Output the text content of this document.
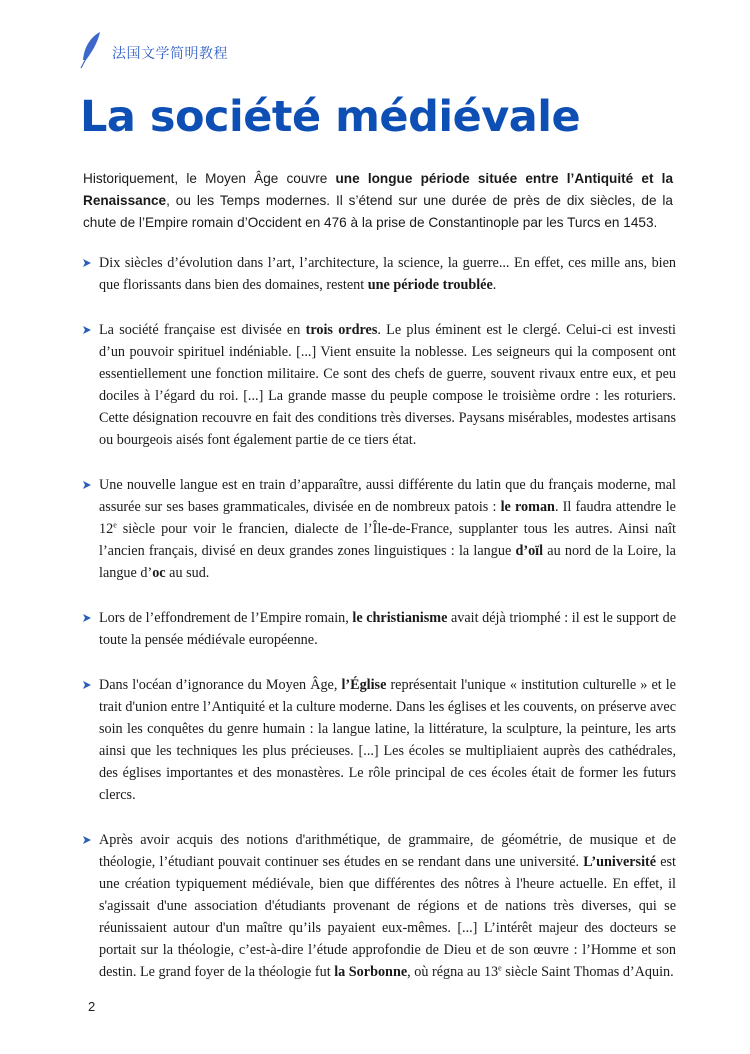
法国文学简明教程
La société médiévale

Historiquement, le Moyen Âge couvre une longue période située entre l’Antiquité et la Renaissance, ou les Temps modernes. Il s’étend sur une durée de près de dix siècles, de la chute de l’Empire romain d’Occident en 476 à la prise de Constantinople par les Turcs en 1453.

Dix siècles d’évolution dans l’art, l’architecture, la science, la guerre... En effet, ces mille ans, bien que florissants dans bien des domaines, restent une période troublée.
La société française est divisée en trois ordres. Le plus éminent est le clergé. Celui-ci est investi d’un pouvoir spirituel indéniable. [...] Vient ensuite la noblesse. Les seigneurs qui la composent ont essentiellement une fonction militaire. Ce sont des chefs de guerre, souvent rivaux entre eux, et peu dociles à l’égard du roi. [...] La grande masse du peuple compose le troisième ordre : les roturiers. Cette désignation recouvre en fait des conditions très diverses. Paysans misérables, modestes artisans ou bourgeois aisés font également partie de ce tiers état.
Une nouvelle langue est en train d’apparaître, aussi différente du latin que du français moderne, mal assurée sur ses bases grammaticales, divisée en de nombreux patois : le roman. Il faudra attendre le 12e siècle pour voir le francien, dialecte de l’Île-de-France, supplanter tous les autres. Ainsi naît l’ancien français, divisé en deux grandes zones linguistiques : la langue d’oïl au nord de la Loire, la langue d’oc au sud.
Lors de l’effondrement de l’Empire romain, le christianisme avait déjà triomphé : il est le support de toute la pensée médiévale européenne.
Dans l'océan d’ignorance du Moyen Âge, l’Église représentait l'unique « institution culturelle » et le trait d'union entre l’Antiquité et la culture moderne. Dans les églises et les couvents, on préserve avec soin les conquêtes du genre humain : la langue latine, la littérature, la sculpture, la peinture, les arts ainsi que les techniques les plus précieuses. [...] Les écoles se multipliaient auprès des cathédrales, des églises importantes et des monastères. Le rôle principal de ces écoles était de former les futurs clercs.
Après avoir acquis des notions d'arithmétique, de grammaire, de géométrie, de musique et de théologie, l’étudiant pouvait continuer ses études en se rendant dans une université. L’université est une création typiquement médiévale, bien que différentes des nôtres à l'heure actuelle. En effet, il s'agissait d'une association d'étudiants provenant de régions et de nations très diverses, qui se réunissaient autour d'un maître qu’ils payaient eux-mêmes. [...] L’intérêt majeur des docteurs se portait sur la théologie, c’est-à-dire l’étude approfondie de Dieu et de son œuvre : l’Homme et son destin. Le grand foyer de la théologie fut la Sorbonne, où régna au 13e siècle Saint Thomas d’Aquin.
2
